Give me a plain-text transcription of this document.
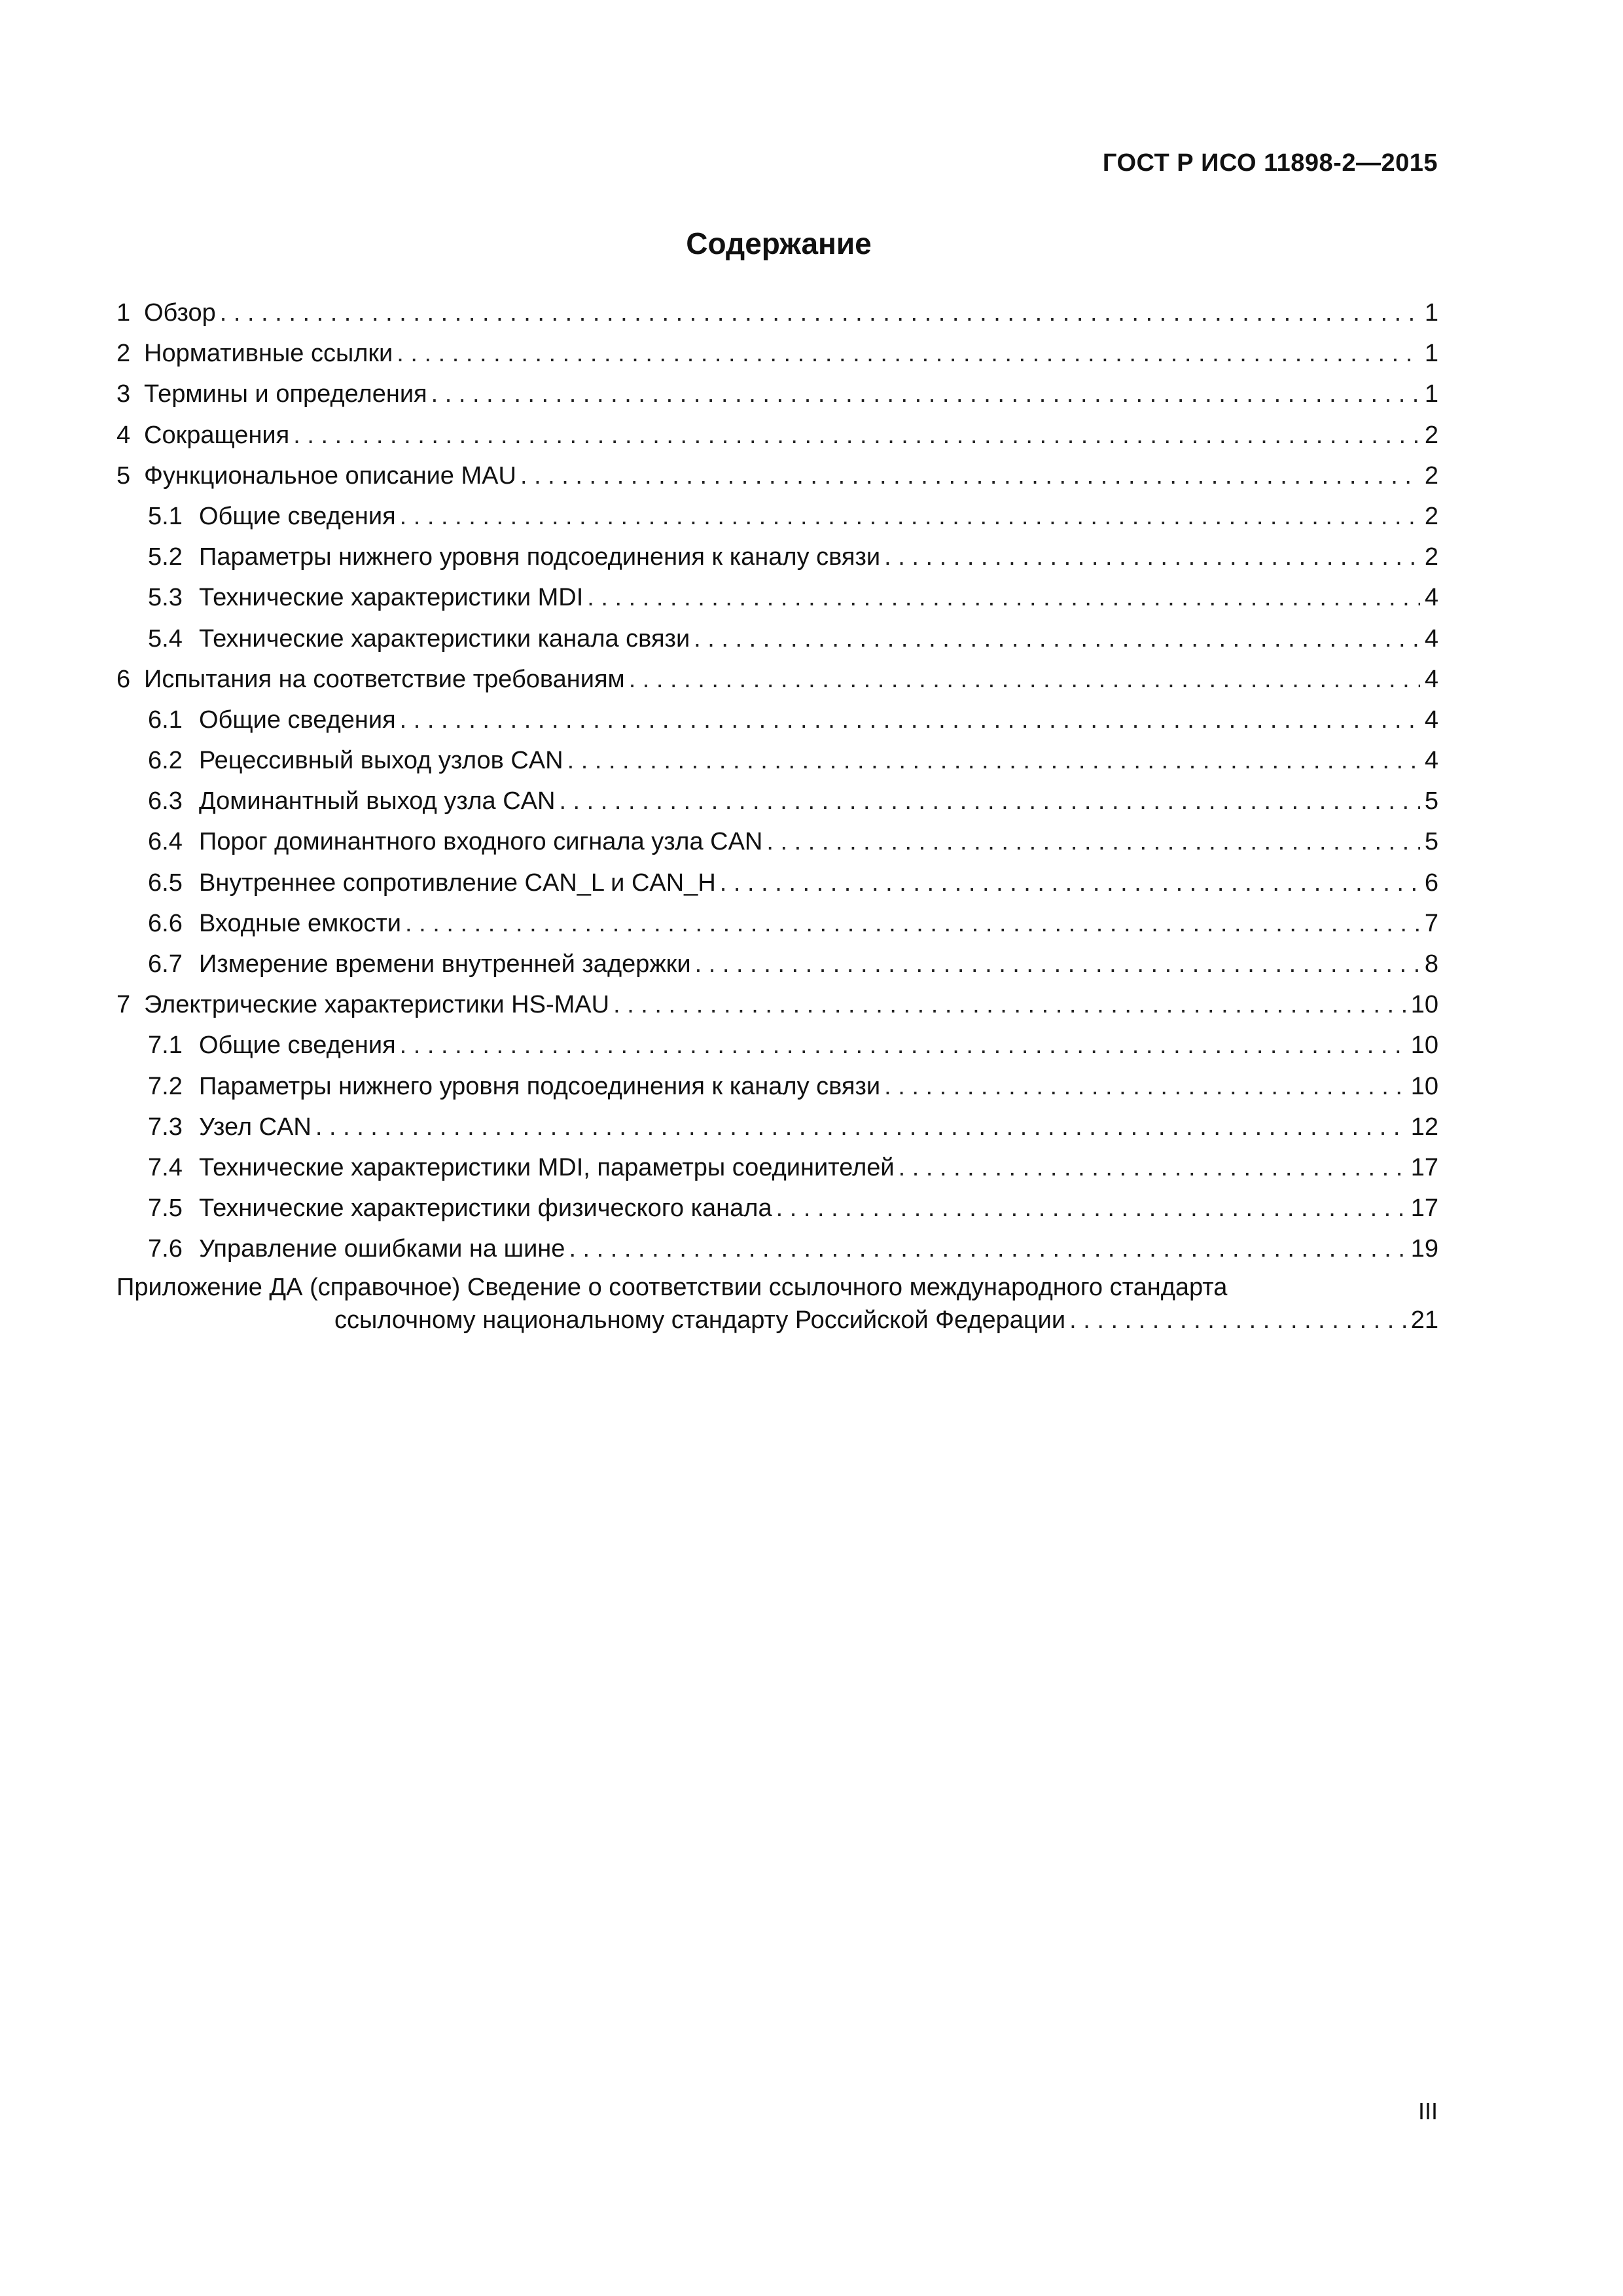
ГОСТ Р ИСО 11898-2—2015
Содержание
1 Обзор . . .	1
2 Нормативные ссылки . . .	1
3 Термины и определения . . .	1
4 Сокращения . . .	2
5 Функциональное описание MAU . . .	2
5.1 Общие сведения . . .	2
5.2 Параметры нижнего уровня подсоединения к каналу связи . . .	2
5.3 Технические характеристики MDI . . .	4
5.4 Технические характеристики канала связи . . .	4
6 Испытания на соответствие требованиям . . .	4
6.1 Общие сведения . . .	4
6.2 Рецессивный выход узлов CAN . . .	4
6.3 Доминантный выход узла CAN . . .	5
6.4 Порог доминантного входного сигнала узла CAN . . .	5
6.5 Внутреннее сопротивление CAN_L и CAN_H . . .	6
6.6 Входные емкости . . .	7
6.7 Измерение времени внутренней задержки . . .	8
7 Электрические характеристики HS-MAU . . .	10
7.1 Общие сведения . . .	10
7.2 Параметры нижнего уровня подсоединения к каналу связи . . .	10
7.3 Узел CAN . . .	12
7.4 Технические характеристики MDI, параметры соединителей . . .	17
7.5 Технические характеристики физического канала . . .	17
7.6 Управление ошибками на шине . . .	19
Приложение ДА (справочное) Сведение о соответствии ссылочного международного стандарта
ссылочному национальному стандарту Российской Федерации . . .	21
III
